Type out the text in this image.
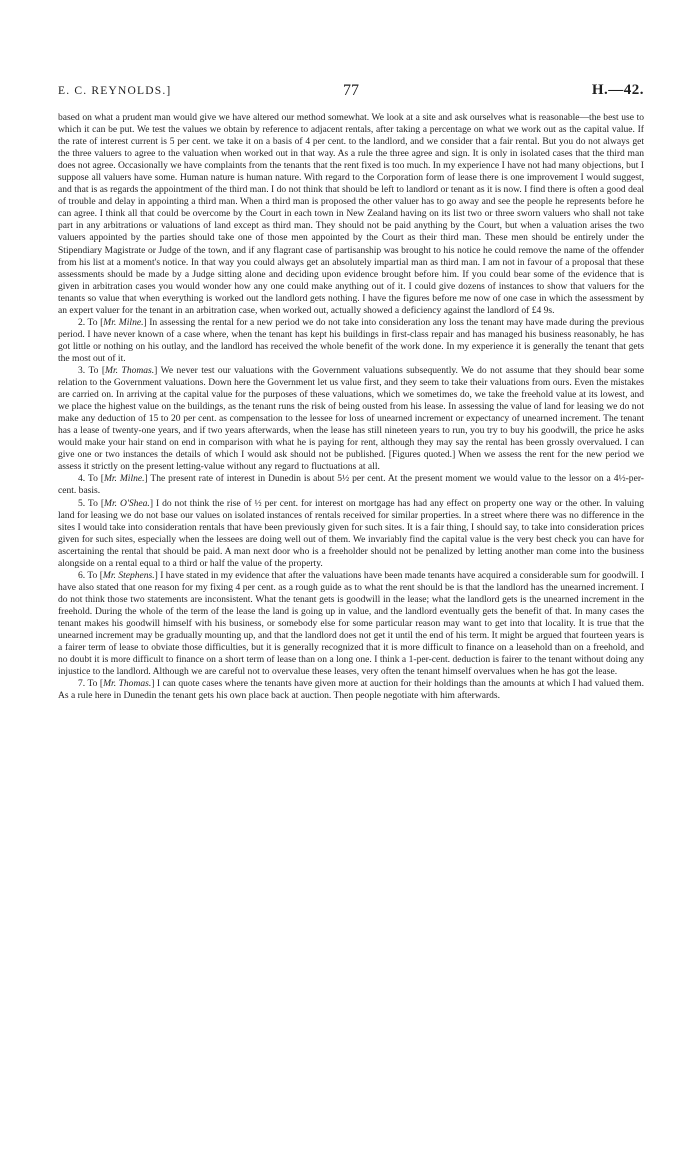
E. C. REYNOLDS.]	77	H.—42.

based on what a prudent man would give we have altered our method somewhat. We look at a site and ask ourselves what is reasonable—the best use to which it can be put. We test the values we obtain by reference to adjacent rentals, after taking a percentage on what we work out as the capital value. If the rate of interest current is 5 per cent. we take it on a basis of 4 per cent. to the landlord, and we consider that a fair rental. But you do not always get the three valuers to agree to the valuation when worked out in that way. As a rule the three agree and sign. It is only in isolated cases that the third man does not agree. Occasionally we have complaints from the tenants that the rent fixed is too much. In my experience I have not had many objections, but I suppose all valuers have some. Human nature is human nature. With regard to the Corporation form of lease there is one improvement I would suggest, and that is as regards the appointment of the third man. I do not think that should be left to landlord or tenant as it is now. I find there is often a good deal of trouble and delay in appointing a third man. When a third man is proposed the other valuer has to go away and see the people he represents before he can agree. I think all that could be overcome by the Court in each town in New Zealand having on its list two or three sworn valuers who shall not take part in any arbitrations or valuations of land except as third man. They should not be paid anything by the Court, but when a valuation arises the two valuers appointed by the parties should take one of those men appointed by the Court as their third man. These men should be entirely under the Stipendiary Magistrate or Judge of the town, and if any flagrant case of partisanship was brought to his notice he could remove the name of the offender from his list at a moment's notice. In that way you could always get an absolutely impartial man as third man. I am not in favour of a proposal that these assessments should be made by a Judge sitting alone and deciding upon evidence brought before him. If you could bear some of the evidence that is given in arbitration cases you would wonder how any one could make anything out of it. I could give dozens of instances to show that valuers for the tenants so value that when everything is worked out the landlord gets nothing. I have the figures before me now of one case in which the assessment by an expert valuer for the tenant in an arbitration case, when worked out, actually showed a deficiency against the landlord of £4 9s.

2. To [Mr. Milne.] In assessing the rental for a new period we do not take into consideration any loss the tenant may have made during the previous period. I have never known of a case where, when the tenant has kept his buildings in first-class repair and has managed his business reasonably, he has got little or nothing on his outlay, and the landlord has received the whole benefit of the work done. In my experience it is generally the tenant that gets the most out of it.

3. To [Mr. Thomas.] We never test our valuations with the Government valuations subsequently. We do not assume that they should bear some relation to the Government valuations. Down here the Government let us value first, and they seem to take their valuations from ours. Even the mistakes are carried on. In arriving at the capital value for the purposes of these valuations, which we sometimes do, we take the freehold value at its lowest, and we place the highest value on the buildings, as the tenant runs the risk of being ousted from his lease. In assessing the value of land for leasing we do not make any deduction of 15 to 20 per cent. as compensation to the lessee for loss of unearned increment or expectancy of unearned increment. The tenant has a lease of twenty-one years, and if two years afterwards, when the lease has still nineteen years to run, you try to buy his goodwill, the price he asks would make your hair stand on end in comparison with what he is paying for rent, although they may say the rental has been grossly overvalued. I can give one or two instances the details of which I would ask should not be published. [Figures quoted.] When we assess the rent for the new period we assess it strictly on the present letting-value without any regard to fluctuations at all.

4. To [Mr. Milne.] The present rate of interest in Dunedin is about 5½ per cent. At the present moment we would value to the lessor on a 4½-per-cent. basis.

5. To [Mr. O'Shea.] I do not think the rise of ½ per cent. for interest on mortgage has had any effect on property one way or the other. In valuing land for leasing we do not base our values on isolated instances of rentals received for similar properties. In a street where there was no difference in the sites I would take into consideration rentals that have been previously given for such sites. It is a fair thing, I should say, to take into consideration prices given for such sites, especially when the lessees are doing well out of them. We invariably find the capital value is the very best check you can have for ascertaining the rental that should be paid. A man next door who is a freeholder should not be penalized by letting another man come into the business alongside on a rental equal to a third or half the value of the property.

6. To [Mr. Stephens.] I have stated in my evidence that after the valuations have been made tenants have acquired a considerable sum for goodwill. I have also stated that one reason for my fixing 4 per cent. as a rough guide as to what the rent should be is that the landlord has the unearned increment. I do not think those two statements are inconsistent. What the tenant gets is goodwill in the lease; what the landlord gets is the unearned increment in the freehold. During the whole of the term of the lease the land is going up in value, and the landlord eventually gets the benefit of that. In many cases the tenant makes his goodwill himself with his business, or somebody else for some particular reason may want to get into that locality. It is true that the unearned increment may be gradually mounting up, and that the landlord does not get it until the end of his term. It might be argued that fourteen years is a fairer term of lease to obviate those difficulties, but it is generally recognized that it is more difficult to finance on a leasehold than on a freehold, and no doubt it is more difficult to finance on a short term of lease than on a long one. I think a 1-per-cent. deduction is fairer to the tenant without doing any injustice to the landlord. Although we are careful not to overvalue these leases, very often the tenant himself overvalues when he has got the lease.

7. To [Mr. Thomas.] I can quote cases where the tenants have given more at auction for their holdings than the amounts at which I had valued them. As a rule here in Dunedin the tenant gets his own place back at auction. Then people negotiate with him afterwards.
